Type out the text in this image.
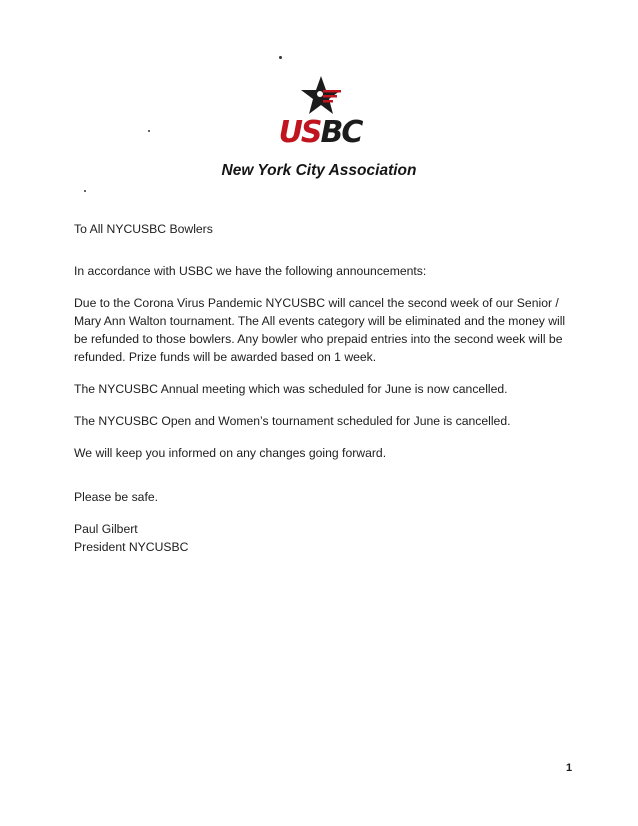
USBC
New York City Association

To All NYCUSBC Bowlers

In accordance with USBC we have the following announcements:

Due to the Corona Virus Pandemic NYCUSBC will cancel the second week of our Senior / Mary Ann Walton tournament. The All events category will be eliminated and the money will be refunded to those bowlers. Any bowler who prepaid entries into the second week will be refunded. Prize funds will be awarded based on 1 week.

The NYCUSBC Annual meeting which was scheduled for June is now cancelled.

The NYCUSBC Open and Women’s tournament scheduled for June is cancelled.

We will keep you informed on any changes going forward.

Please be safe.

Paul Gilbert

President NYCUSBC

1
